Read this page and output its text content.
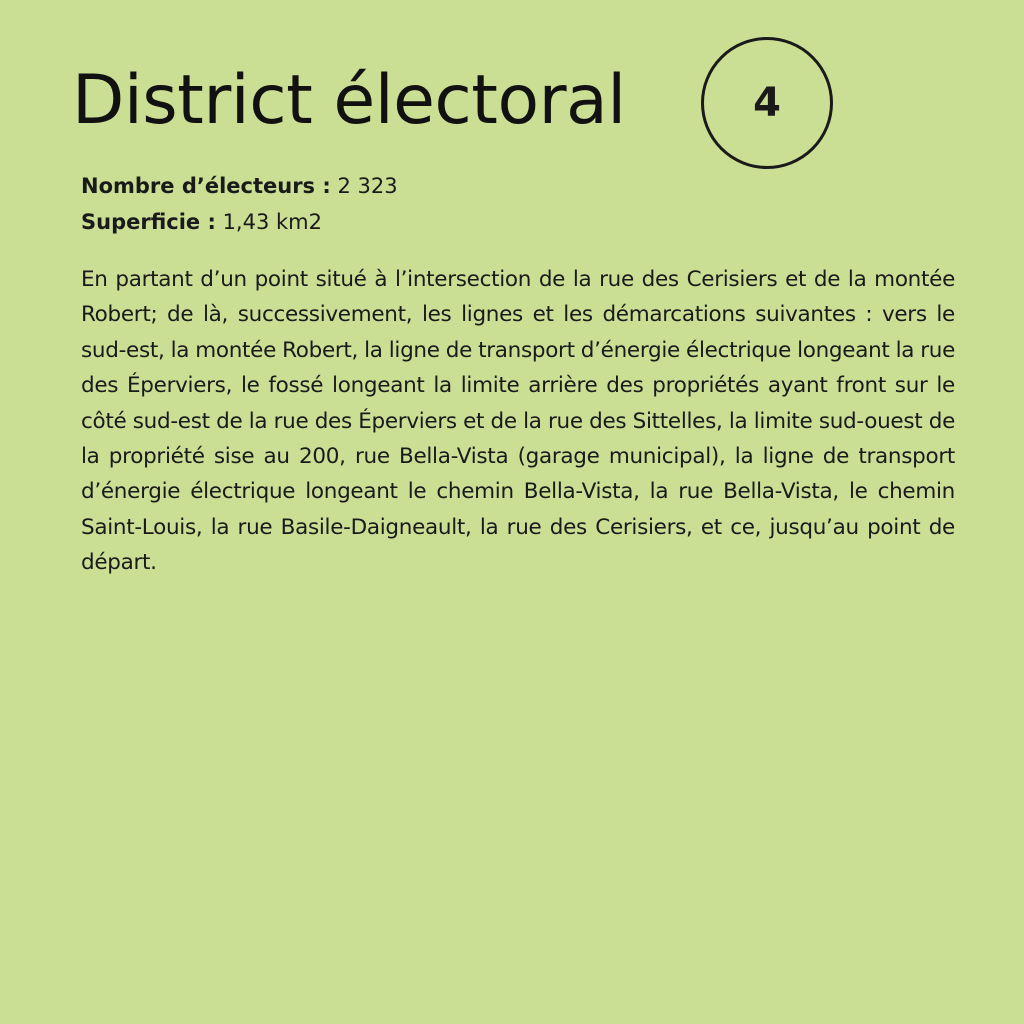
District électoral	4
Nombre d’électeurs : 2 323
Superficie : 1,43 km2

En partant d’un point situé à l’intersection de la rue des Cerisiers et de la montée Robert; de là, successivement, les lignes et les démarcations suivantes : vers le sud-est, la montée Robert, la ligne de transport d’énergie électrique longeant la rue des Éperviers, le fossé longeant la limite arrière des propriétés ayant front sur le côté sud-est de la rue des Éperviers et de la rue des Sittelles, la limite sud-ouest de la propriété sise au 200, rue Bella-Vista (garage municipal), la ligne de transport d’énergie électrique longeant le chemin Bella-Vista, la rue Bella-Vista, le chemin Saint-Louis, la rue Basile-Daigneault, la rue des Cerisiers, et ce, jusqu’au point de départ.
